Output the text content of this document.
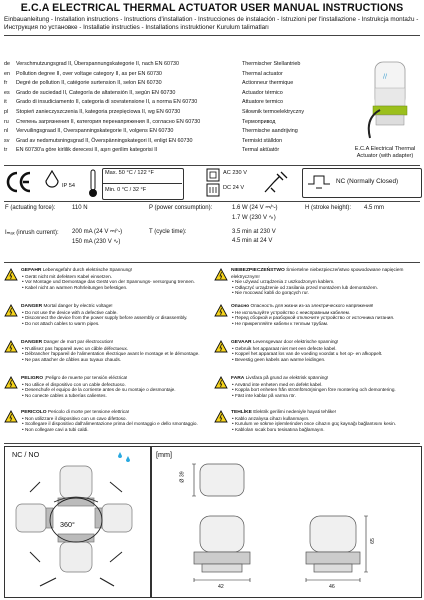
E.C.A ELECTRICAL THERMAL ACTUATOR USER MANUAL INSTRUCTIONS
Einbauanleitung - Installation instructions - Instructions d'installation - Instrucciones de instalación - Istruzioni per l'installazione - Instrukcja montażu - Инструкция по установке - Installatie instructies - Installations instruktioner Kurulum talimatları
de Verschmutzungsgrad II, Überspannungskategorie II, nach EN 60730	Thermischer Stellantrieb
en Pollution degree II, over voltage category II, as per EN 60730	Thermal actuator
fr Degré de pollution II, catégorie surtension II, selon EN 60730	Actionneur thermique
es Grado de suciedad II, Categoría de altatensión II, según EN 60730	Actuador térmico
it Grado di insudiciamento II, categoria di sovratensione II, a norma EN 60730	Attuatore termico
pl Stopień zanieczyszczenia II, kategoria przepięciowa II, wg EN 60730	Siłownik termoelektryczny
ru Степень загрязнения II, категория перенапряжения II, согласно EN 60730	Термопривод
nl Vervuilingsgraad II, Overspanningskategorie II, volgens EN 60730	Thermische aandrijving
sv Grad av nedsmutsningsgrad II, Överspänningskategori II, enligt EN 60730	Termiskt ställdon
tr EN 60730'a göre kirlilik derecesi II, aşırı gerilim kategorisi II	Termal aktüatör
//
E.C.A Electrical Thermal Actuator (with adapter)
IP 54
Max. 50 °C / 122 °F
Min. 0 °C / 32 °F
AC 230 V
DC 24 V
NC (Normally Closed)
F (actuating force):	110 N	P (power consumption):	1.6 W (24 V ⎓/∿)
1.7 W (230 V ∿)
H (stroke height): 4.5 mm
Iₘₐₓ (inrush current): 200 mA (24 V ⎓/∿)
150 mA (230 V ∿)
T (cycle time):	3.5 min at 230 V
4.5 min at 24 V
GEFAHR Lebensgefahr durch elektrische Spannung!
• Gerät nicht mit defektem Kabel einsetzen.
• Vor Montage und Demontage das Gerät von der Spannungs- versorgung trennen.
• Kabel nicht an warmen Rohrleitungen befestigen.
DANGER Mortal danger by electric voltage!
• Do not use the device with a defective cable.
• Disconnect the device from the power supply before assembly or disassembly.
• Do not attach cables to warm pipes.
DANGER Danger de mort par électrocution!
• N'utilisez pas l'appareil avec un câble défectueux.
• Débrancher l'appareil de l'alimentation électrique avant le montage et le démontage.
• Ne pas attacher de câbles aux tuyaux chauds.
PELIGRO ¡Peligro de muerte por tensión eléctrica!
• No utilice el dispositivo con un cable defectuoso.
• Desenchufe el equipo de la corriente antes de su montaje o desmontaje.
• No conecte cables a tuberías calientes.
PERICOLO Pericolo di morte per tensione elettrica!
• Non utilizzare il dispositivo con un cavo difettoso.
• Scollegare il dispositivo dall'alimentazione prima del montaggio e dello smontaggio.
• Non collegare cavi a tubi caldi.
NIEBEZPIECZEŃSTWO Śmiertelne niebezpieczeństwo spowodowane napięciem elektrycznym!
• Nie używać urządzenia z uszkodzonym kablem.
• Odłączyć urządzenie od zasilania przed montażem lub demontażem.
• Nie mocować kabli do gorących rur.
Опасно Опасность для жизни из-за электрического напряжения!
• Не используйте устройство с неисправным кабелем.
• Перед сборкой и разборкой отключите устройство от источника питания.
• Не прикрепляйте кабели к теплым трубам.
GEVAAR Levensgevaar door elektrische spanning!
• Gebruik het apparaat niet met een defecte kabel.
• Koppel het apparaat los van de voeding voordat u het op- en afkoppelt.
• Bevestig geen kabels aan warme leidingen.
FARA Livsfara på grund av elektrisk spänning!
• Använd inte enheten med en defekt kabel.
• Koppla bort enheten från strömförsörjningen före montering och demontering.
• Fäst inte kablar på varma rör.
TEHLİKE Elektrik gerilimi nedeniyle hayati tehlike!
• Kablo arızalıysa cihazı kullanmayın.
• Kurulum ve sökme işlemlerinden önce cihazın güç kaynağı bağlantısını kesin.
• Kabloları sıcak boru tesisatına bağlamayın.
NC / NO
360°
[mm]
Ø 39
65
42	46
